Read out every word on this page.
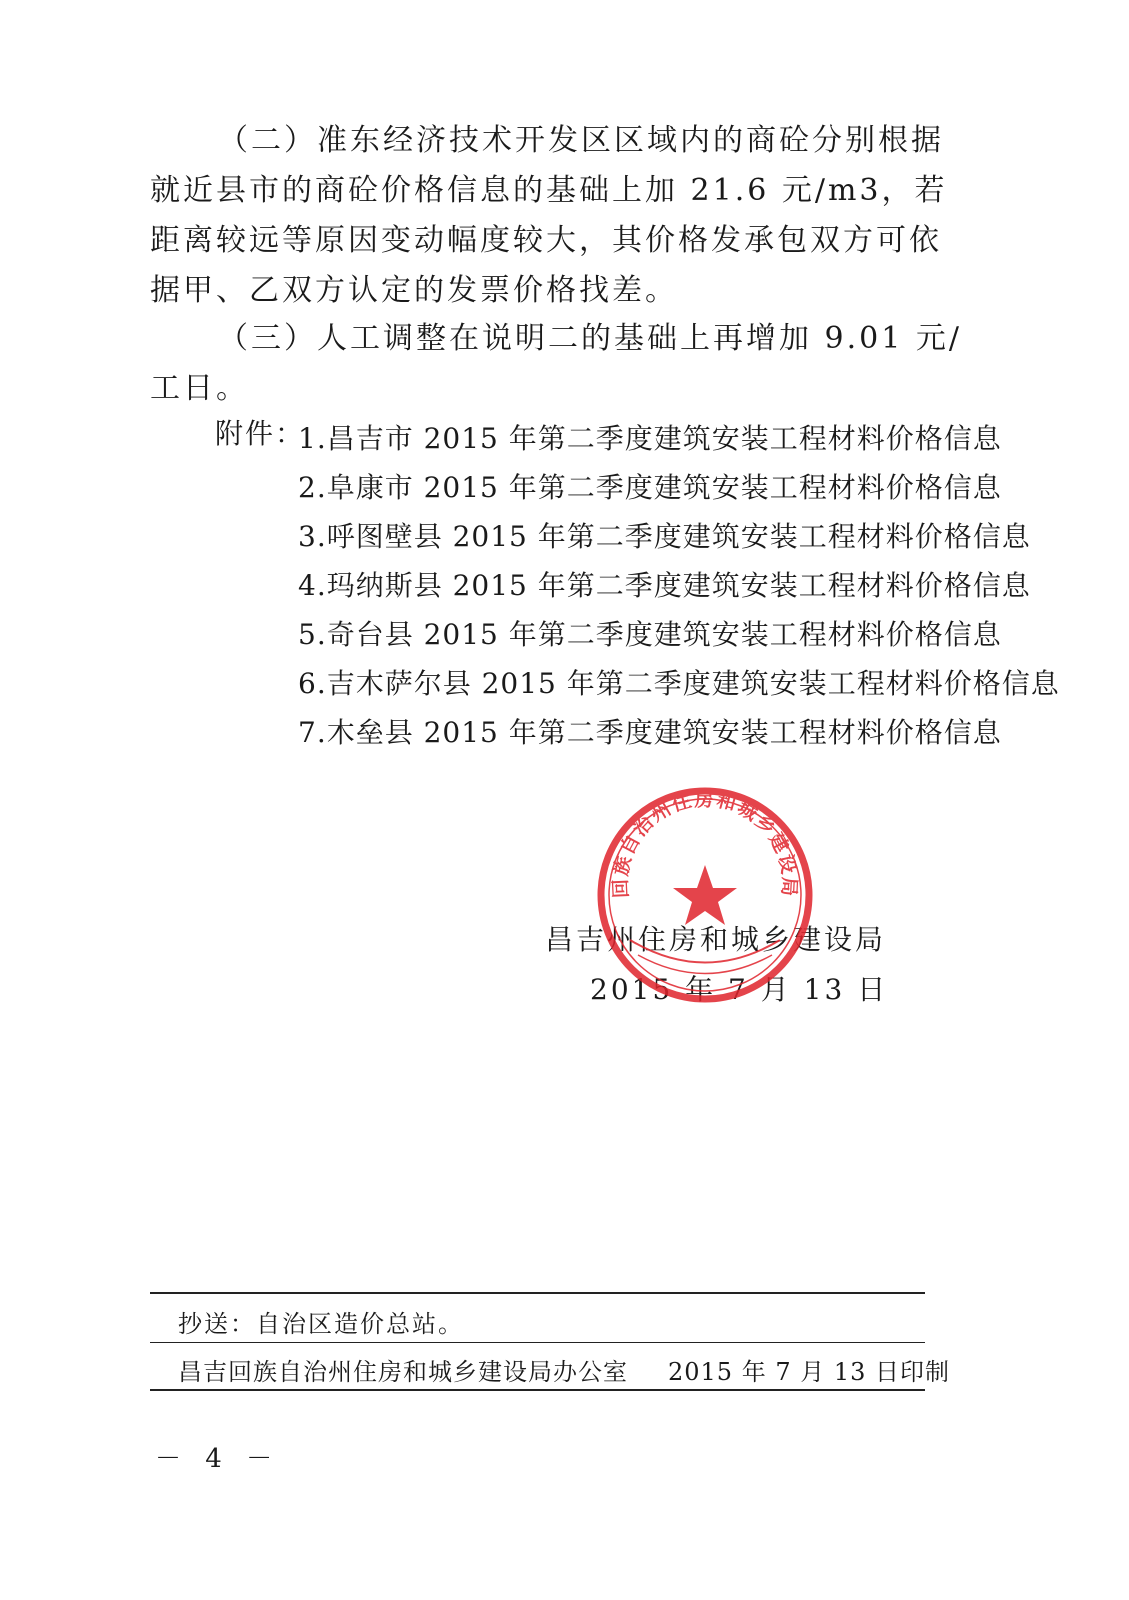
（二）准东经济技术开发区区域内的商砼分别根据就近县市的商砼价格信息的基础上加 21.6 元/m3，若距离较远等原因变动幅度较大，其价格发承包双方可依据甲、乙双方认定的发票价格找差。

（三）人工调整在说明二的基础上再增加 9.01 元/工日。

附件：
1.昌吉市 2015 年第二季度建筑安装工程材料价格信息
2.阜康市 2015 年第二季度建筑安装工程材料价格信息
3.呼图壁县 2015 年第二季度建筑安装工程材料价格信息
4.玛纳斯县 2015 年第二季度建筑安装工程材料价格信息
5.奇台县 2015 年第二季度建筑安装工程材料价格信息
6.吉木萨尔县 2015 年第二季度建筑安装工程材料价格信息
7.木垒县 2015 年第二季度建筑安装工程材料价格信息
昌吉州住房和城乡建设局
2015 年 7 月 13 日
回族自治州住房和城乡建设局
抄送：自治区造价总站。
昌吉回族自治州住房和城乡建设局办公室 2015 年 7 月 13 日印制
－ 4 －
